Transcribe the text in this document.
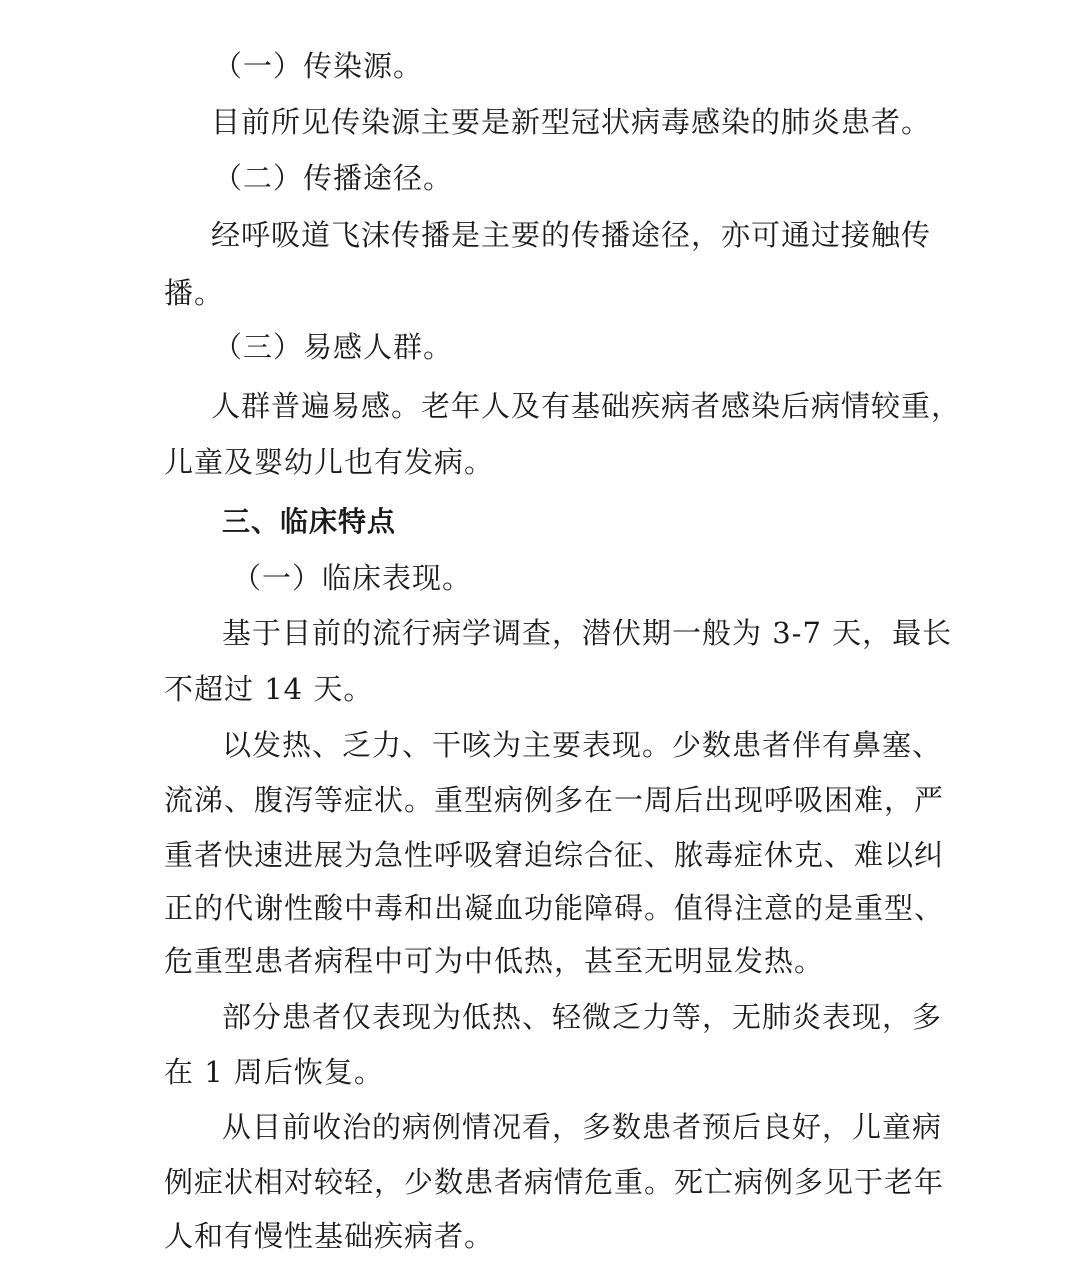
（一）传染源。
目前所见传染源主要是新型冠状病毒感染的肺炎患者。
（二）传播途径。
经呼吸道飞沫传播是主要的传播途径，亦可通过接触传
播。
（三）易感人群。
人群普遍易感。老年人及有基础疾病者感染后病情较重，
儿童及婴幼儿也有发病。
三、临床特点
（一）临床表现。
基于目前的流行病学调查，潜伏期一般为 3-7 天，最长
不超过 14 天。
以发热、乏力、干咳为主要表现。少数患者伴有鼻塞、
流涕、腹泻等症状。重型病例多在一周后出现呼吸困难，严
重者快速进展为急性呼吸窘迫综合征、脓毒症休克、难以纠
正的代谢性酸中毒和出凝血功能障碍。值得注意的是重型、
危重型患者病程中可为中低热，甚至无明显发热。
部分患者仅表现为低热、轻微乏力等，无肺炎表现，多
在 1 周后恢复。
从目前收治的病例情况看，多数患者预后良好，儿童病
例症状相对较轻，少数患者病情危重。死亡病例多见于老年
人和有慢性基础疾病者。
